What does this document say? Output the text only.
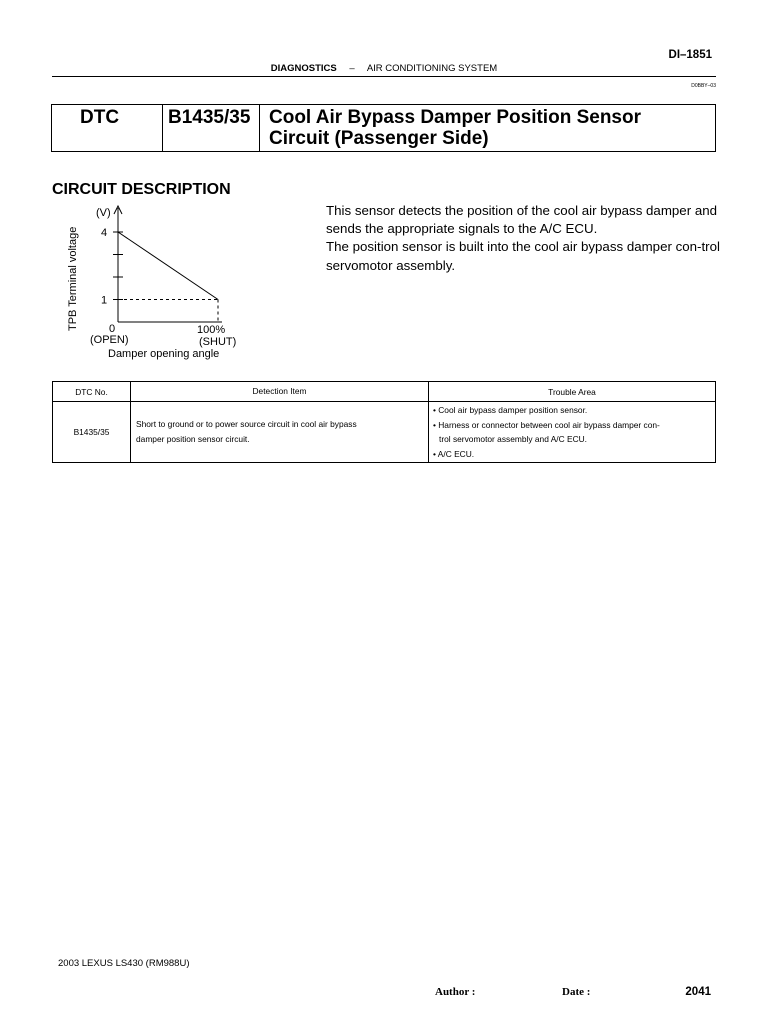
DI–1851
DIAGNOSTICS – AIR CONDITIONING SYSTEM
D0BBY–03
DTC	B1435/35 Cool Air Bypass Damper Position Sensor
Circuit (Passenger Side)
CIRCUIT DESCRIPTION

This sensor detects the position of the cool air bypass damper and sends the appropriate signals to the A/C ECU.

The position sensor is built into the cool air bypass damper con-trol servomotor assembly.

TPB Terminal voltage
(V)
4
1
0
(OPEN)
100%
(SHUT)
Damper opening angle
DTC No.	Detection Item	Trouble Area
B1435/35	Short to ground or to power source circuit in cool air bypass
damper position sensor circuit.	• Cool air bypass damper position sensor.
• Harness or connector between cool air bypass damper con-
trol servomotor assembly and A/C ECU.
• A/C ECU.
2003 LEXUS LS430 (RM988U)
Author :	Date :	2041
